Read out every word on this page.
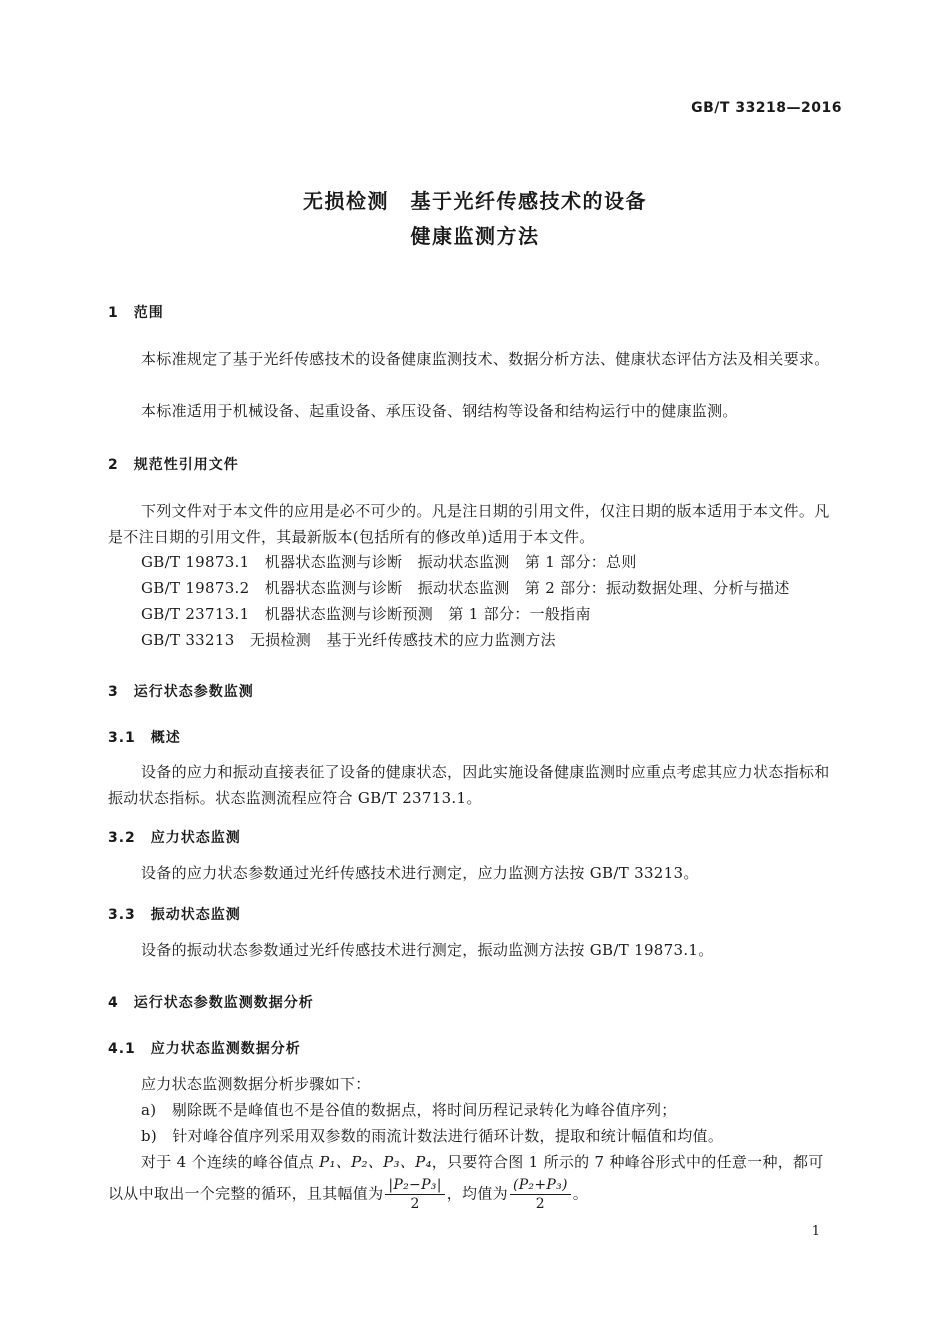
GB/T 33218—2016
无损检测　基于光纤传感技术的设备
健康监测方法
1　范围
本标准规定了基于光纤传感技术的设备健康监测技术、数据分析方法、健康状态评估方法及相关要求。
本标准适用于机械设备、起重设备、承压设备、钢结构等设备和结构运行中的健康监测。
2　规范性引用文件
下列文件对于本文件的应用是必不可少的。凡是注日期的引用文件，仅注日期的版本适用于本文件。凡是不注日期的引用文件，其最新版本(包括所有的修改单)适用于本文件。
GB/T 19873.1　机器状态监测与诊断　振动状态监测　第 1 部分：总则
GB/T 19873.2　机器状态监测与诊断　振动状态监测　第 2 部分：振动数据处理、分析与描述
GB/T 23713.1　机器状态监测与诊断预测　第 1 部分：一般指南
GB/T 33213　无损检测　基于光纤传感技术的应力监测方法
3　运行状态参数监测
3.1　概述
设备的应力和振动直接表征了设备的健康状态，因此实施设备健康监测时应重点考虑其应力状态指标和振动状态指标。状态监测流程应符合 GB/T 23713.1。
3.2　应力状态监测
设备的应力状态参数通过光纤传感技术进行测定，应力监测方法按 GB/T 33213。
3.3　振动状态监测
设备的振动状态参数通过光纤传感技术进行测定，振动监测方法按 GB/T 19873.1。
4　运行状态参数监测数据分析
4.1　应力状态监测数据分析
应力状态监测数据分析步骤如下：
a)　剔除既不是峰值也不是谷值的数据点，将时间历程记录转化为峰谷值序列；
b)　针对峰谷值序列采用双参数的雨流计数法进行循环计数，提取和统计幅值和均值。
对于 4 个连续的峰谷值点 P₁、P₂、P₃、P₄，只要符合图 1 所示的 7 种峰谷形式中的任意一种，都可
以从中取出一个完整的循环，且其幅值为 $\frac{\text{|P₂−P₃|}}{2}$ ，均值为 $\frac{\text{(P₂+P₃)}}{2}$ 。
1
